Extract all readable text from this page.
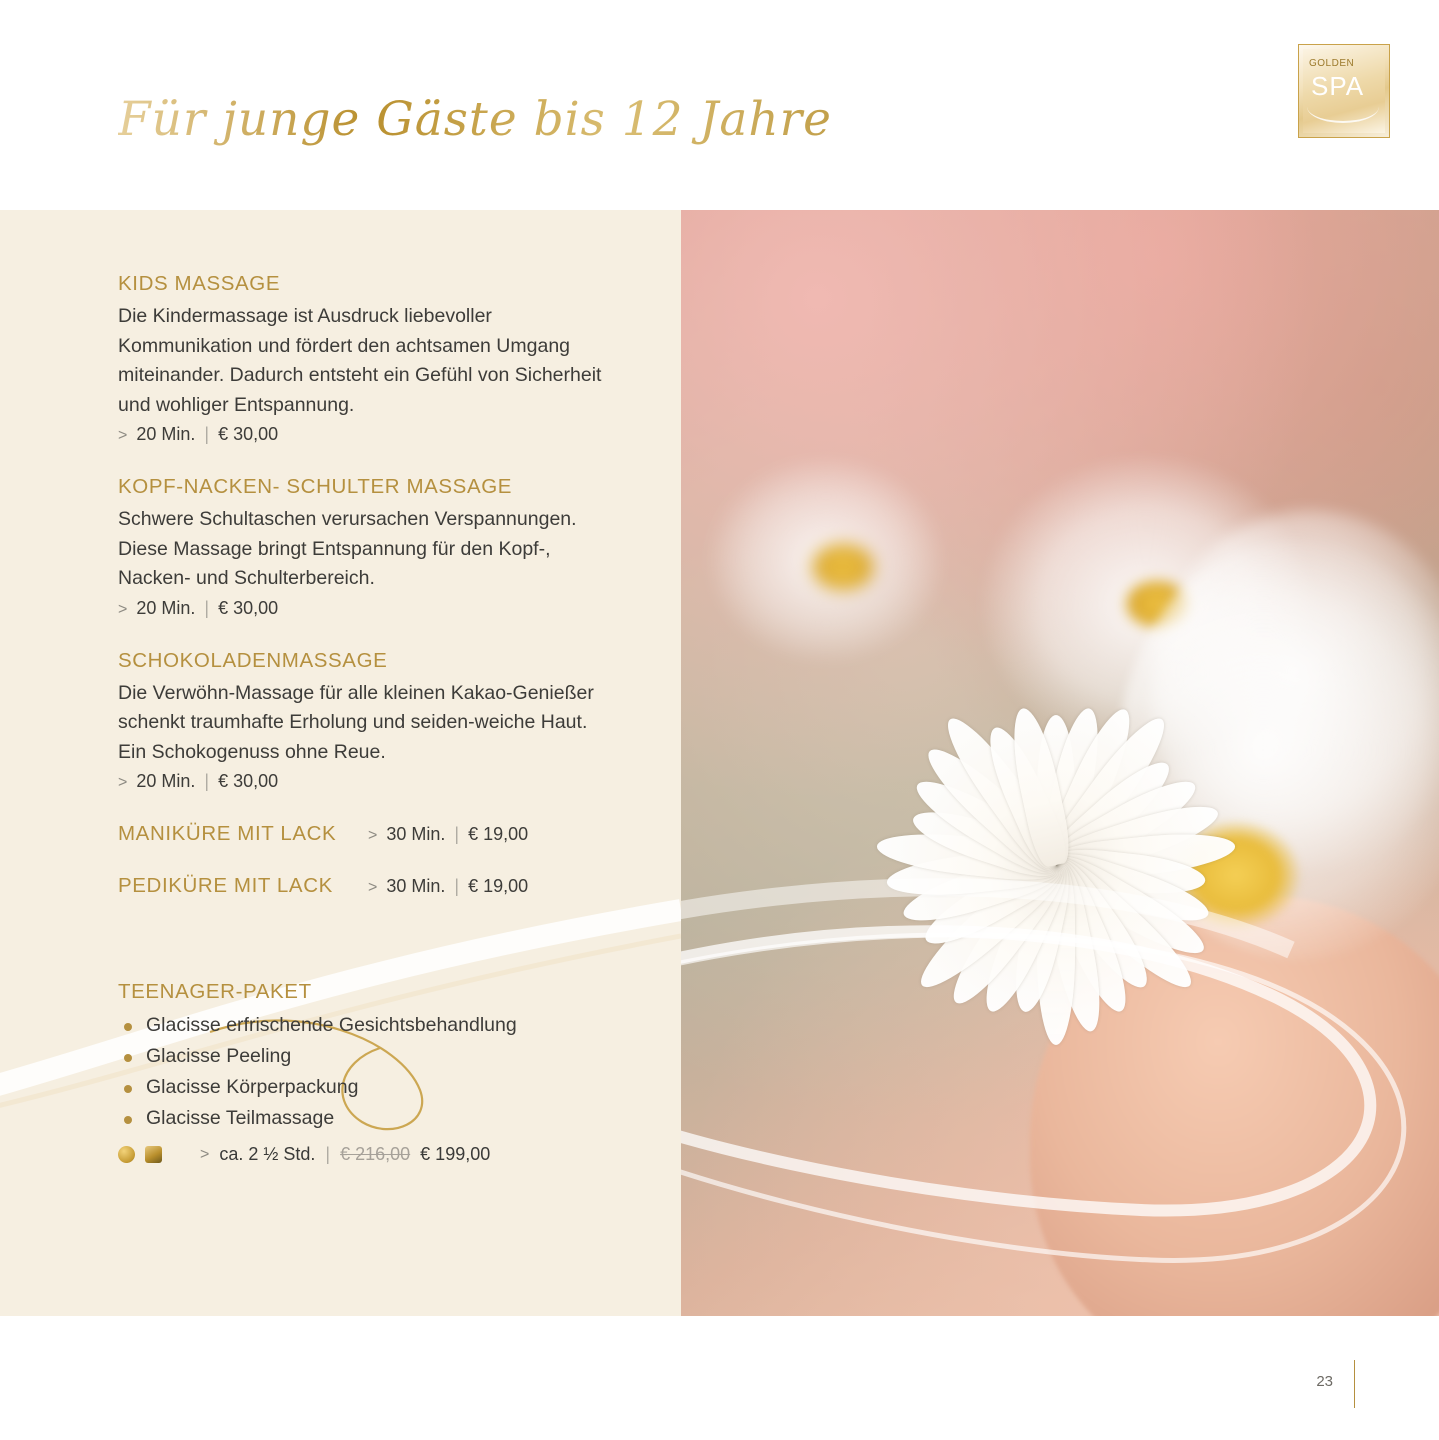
Für junge Gäste bis 12 Jahre
GOLDEN
SPA
KIDS MASSAGE

Die Kindermassage ist Ausdruck liebevoller Kommunikation und fördert den achtsamen Umgang miteinander. Dadurch entsteht ein Gefühl von Sicherheit und wohliger Entspannung.

> 20 Min. | € 30,00
KOPF-NACKEN- SCHULTER MASSAGE

Schwere Schultaschen verursachen Verspannungen. Diese Massage bringt Entspannung für den Kopf-, Nacken- und Schulterbereich.

> 20 Min. | € 30,00
SCHOKOLADENMASSAGE

Die Verwöhn-Massage für alle kleinen Kakao-Genießer schenkt traumhafte Erholung und seiden-weiche Haut. Ein Schokogenuss ohne Reue.

> 20 Min. | € 30,00
MANIKÜRE MIT LACK	> 30 Min. | € 19,00
PEDIKÜRE MIT LACK	> 30 Min. | € 19,00
TEENAGER-PAKET
Glacisse erfrischende Gesichtsbehandlung
Glacisse Peeling
Glacisse Körperpackung
Glacisse Teilmassage
> ca. 2 ½ Std. | € 216,00 € 199,00
23
